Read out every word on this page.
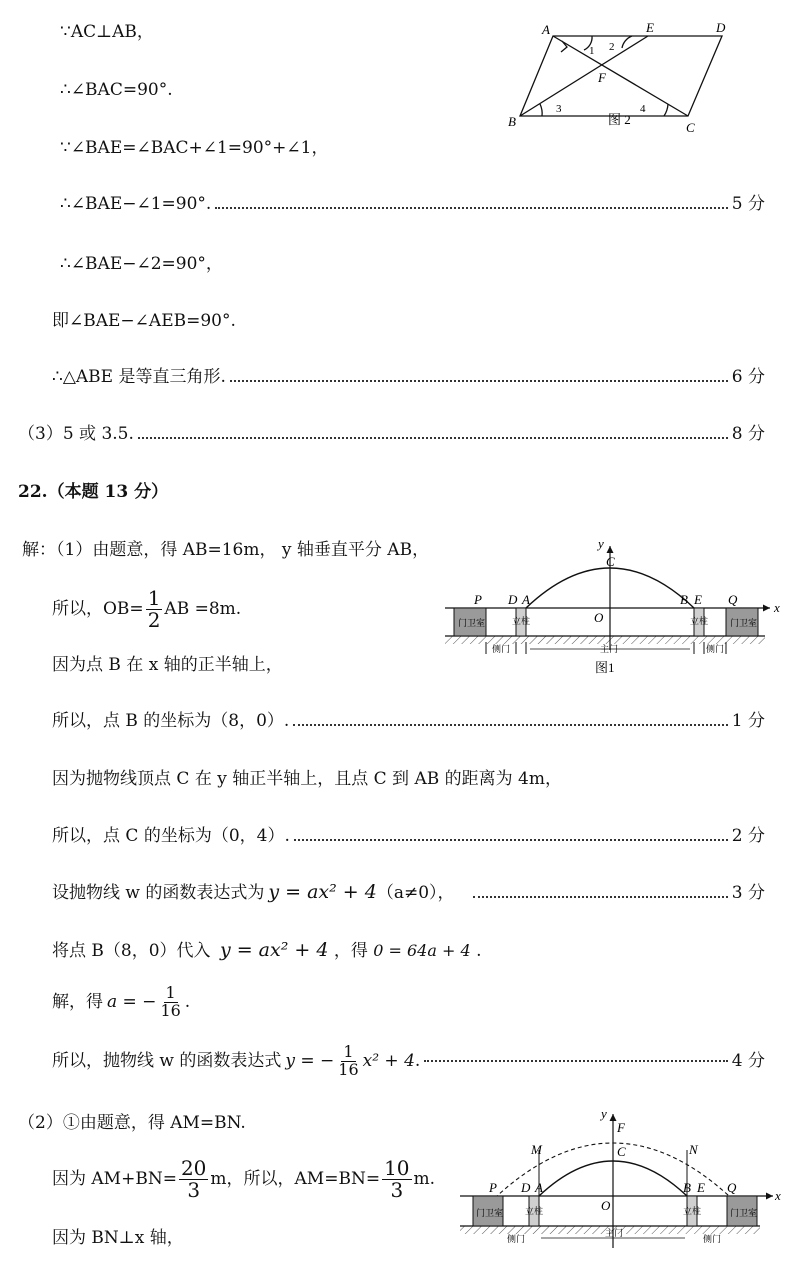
∵AC⊥AB，
∴∠BAC=90°.
∵∠BAE=∠BAC+∠1=90°+∠1，
∴∠BAE−∠1=90°.	5 分
∴∠BAE−∠2=90°，
即∠BAE−∠AEB=90°.
∴△ABE 是等直三角形.	6 分
（3）5 或 3.5.	8 分
A	E	D
F
B	C
1 2
3	4
图 2
22.（本题 13 分）
解：（1）由题意，得 AB=16m， y 轴垂直平分 AB，
所以，$OB= \frac{1}{2}$ AB =8m.
因为点 B 在 x 轴的正半轴上，
所以，点 B 的坐标为（8，0）.	1 分
因为抛物线顶点 C 在 y 轴正半轴上，且点 C 到 AB 的距离为 4m，
所以，点 C 的坐标为（0，4）.	2 分
设抛物线 w 的函数表达式为 y = ax² + 4 （a≠0），	3 分
将点 B（8，0）代入 y = ax² + 4 ，得 0 = 64a + 4 .
解，得 a = − $\frac{1}{16}$ .
所以，抛物线 w 的函数表达式 y = − $\frac{1}{16} x^2 + 4$ .	4 分
（2）①由题意，得 AM=BN.
因为 $AM+BN= \frac{20}{3}$ m，所以，$AM=BN= \frac{10}{3} m$.
因为 BN⊥x 轴，
y
x
C
P D A
O
B E Q
门卫室	门卫室
立柱	立柱
侧门	侧门
主门
图1
y
x
F
C
M	N
P D A
O
B E Q
门卫室	门卫室
立柱	立柱
侧门	侧门
主门
